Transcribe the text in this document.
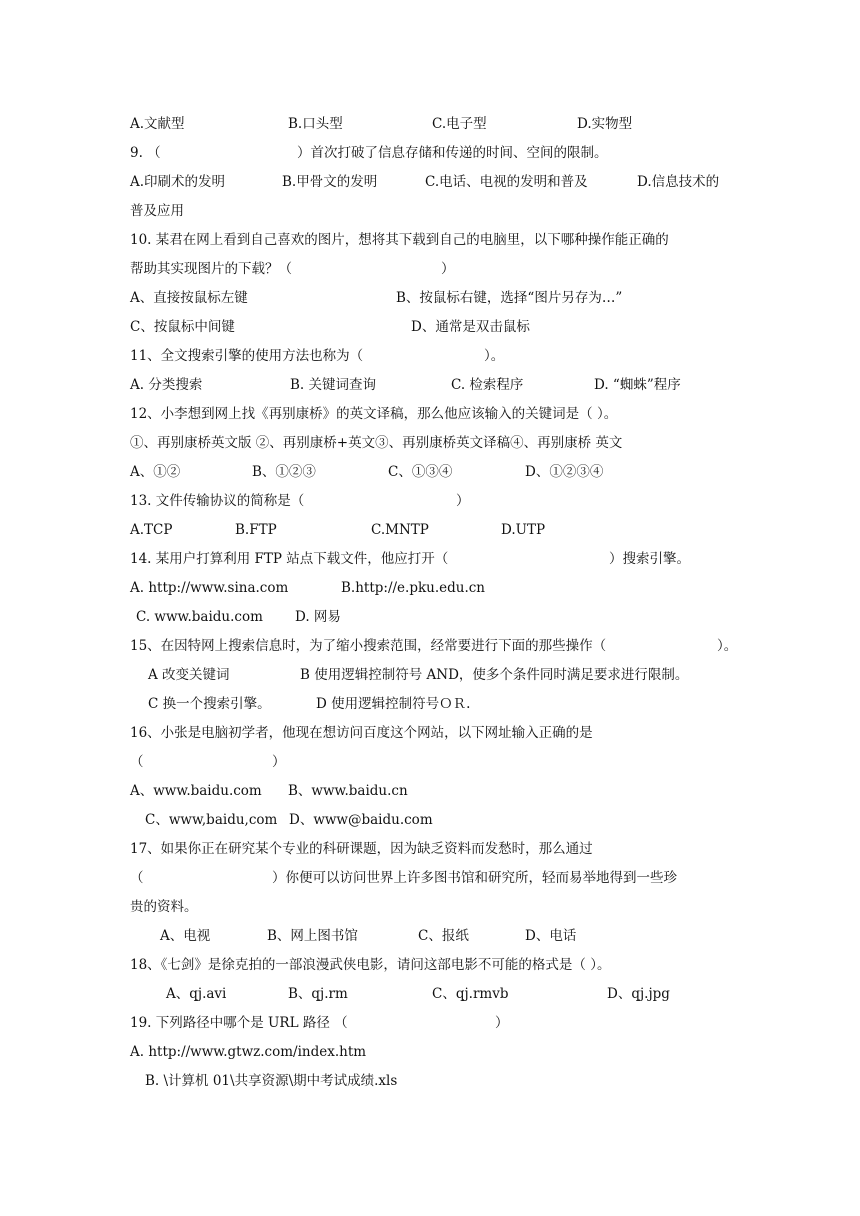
A.文献型	B.口头型	C.电子型	D.实物型
9. （	）首次打破了信息存储和传递的时间、空间的限制。
A.印刷术的发明	B.甲骨文的发明	C.电话、电视的发明和普及	D.信息技术的
普及应用
10. 某君在网上看到自己喜欢的图片，想将其下载到自己的电脑里，以下哪种操作能正确的
帮助其实现图片的下载？（	）
A、直接按鼠标左键	B、按鼠标右键，选择“图片另存为…”
C、按鼠标中间键	D、通常是双击鼠标
11、全文搜索引擎的使用方法也称为（	）。
A. 分类搜索	B. 关键词查询	C. 检索程序	D. “蜘蛛”程序
12、小李想到网上找《再别康桥》的英文译稿，那么他应该输入的关键词是（ ）。
①、再别康桥英文版 ②、再别康桥+英文③、再别康桥英文译稿④、再别康桥 英文
A、①②	B、①②③	C、①③④	D、①②③④
13. 文件传输协议的简称是（	）
A.TCP	B.FTP	C.MNTP	D.UTP
14. 某用户打算利用 FTP 站点下载文件，他应打开（	）搜索引擎。
A. http://www.sina.com	B.http://e.pku.edu.cn
C. www.baidu.com D. 网易
15、在因特网上搜索信息时，为了缩小搜索范围，经常要进行下面的那些操作（	）。
A 改变关键词	B 使用逻辑控制符号 AND，使多个条件同时满足要求进行限制。
C 换一个搜索引擎。	D 使用逻辑控制符号ＯＲ.
16、小张是电脑初学者，他现在想访问百度这个网站，以下网址输入正确的是
（	）
A、www.baidu.com B、www.baidu.cn
C、www,baidu,com D、www@baidu.com
17、如果你正在研究某个专业的科研课题，因为缺乏资料而发愁时，那么通过
（	）你便可以访问世界上许多图书馆和研究所，轻而易举地得到一些珍
贵的资料。
A、电视	B、网上图书馆	C、报纸	D、电话
18、《七剑》是徐克拍的一部浪漫武侠电影，请问这部电影不可能的格式是（ ）。
A、qj.avi	B、qj.rm	C、qj.rmvb	D、qj.jpg
19. 下列路径中哪个是 URL 路径 （	）
A. http://www.gtwz.com/index.htm
B. \计算机 01\共享资源\期中考试成绩.xls
